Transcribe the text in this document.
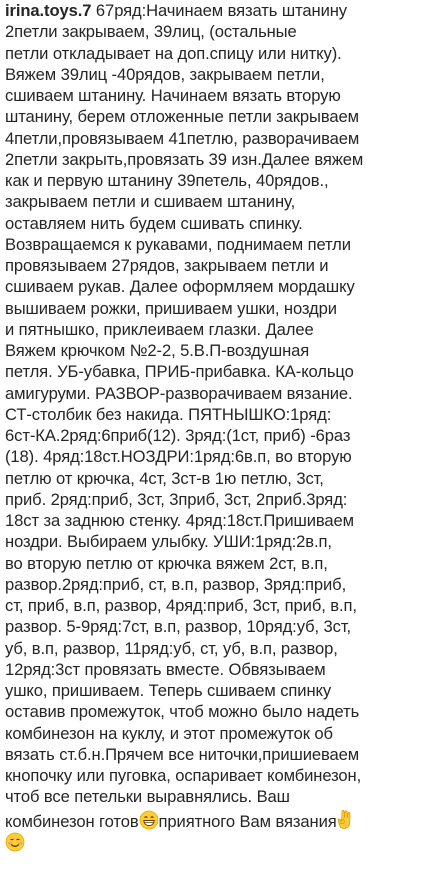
irina.toys.7 67ряд:Начинаем вязать штанину
2петли закрываем, 39лиц, (остальные
петли откладывает на доп.спицу или нитку).
Вяжем 39лиц -40рядов, закрываем петли,
сшиваем штанину. Начинаем вязать вторую
штанину, берем отложенные петли закрываем
4петли,провязываем 41петлю, разворачиваем
2петли закрыть,провязать 39 изн.Далее вяжем
как и первую штанину 39петель, 40рядов.,
закрываем петли и сшиваем штанину,
оставляем нить будем сшивать спинку.
Возвращаемся к рукавами, поднимаем петли
провязываем 27рядов, закрываем петли и
сшиваем рукав. Далее оформляем мордашку
вышиваем рожки, пришиваем ушки, ноздри
и пятнышко, приклеиваем глазки. Далее
Вяжем крючком №2-2, 5.В.П-воздушная
петля. УБ-убавка, ПРИБ-прибавка. КА-кольцо
амигуруми. РАЗВОР-разворачиваем вязание.
СТ-столбик без накида. ПЯТНЫШКО:1ряд:
6ст-КА.2ряд:6приб(12). 3ряд:(1ст, приб) -6раз
(18). 4ряд:18ст.НОЗДРИ:1ряд:6в.п, во вторую
петлю от крючка, 4ст, 3ст-в 1ю петлю, 3ст,
приб. 2ряд:приб, 3ст, 3приб, 3ст, 2приб.3ряд:
18ст за заднюю стенку. 4ряд:18ст.Пришиваем
ноздри. Выбираем улыбку. УШИ:1ряд:2в.п,
во вторую петлю от крючка вяжем 2ст, в.п,
развор.2ряд:приб, ст, в.п, развор, 3ряд:приб,
ст, приб, в.п, развор, 4ряд:приб, 3ст, приб, в.п,
развор. 5-9ряд:7ст, в.п, развор, 10ряд:уб, 3ст,
уб, в.п, развор, 11ряд:уб, ст, уб, в.п, развор,
12ряд:3ст провязать вместе. Обвязываем
ушко, пришиваем. Теперь сшиваем спинку
оставив промежуток, чтоб можно было надеть
комбинезон на куклу, и этот промежуток об
вязать ст.б.н.Прячем все ниточки,пришиеваем
кнопочку или пуговка, оспаривает комбинезон,
чтоб все петельки выравнялись. Ваш
комбинезон готов приятного Вам вязания
